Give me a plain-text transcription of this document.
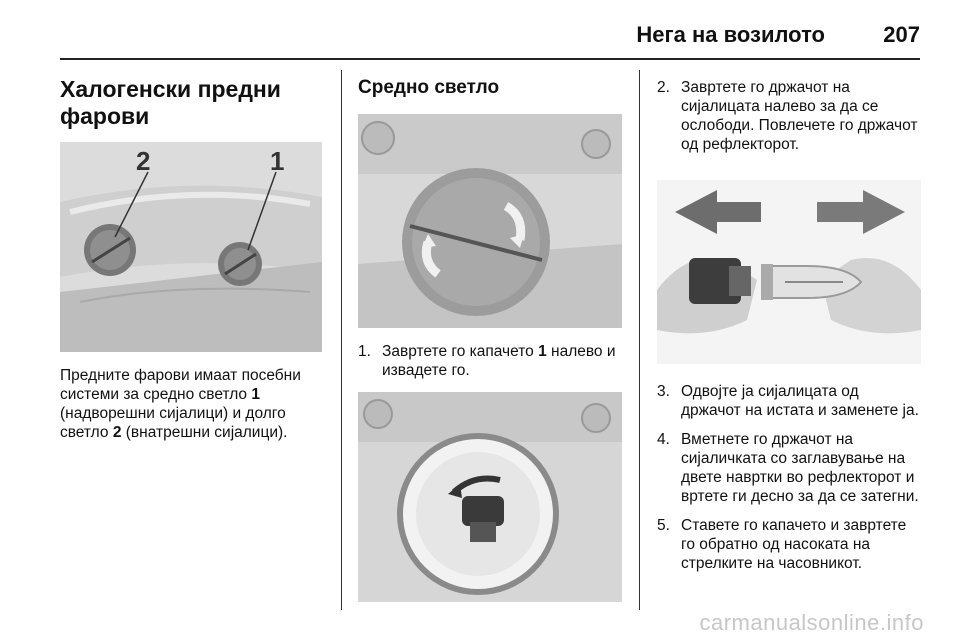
Нега на возилото	207
Халогенски предни
фарови
2	1

Предните фарови имаат посебни системи за средно светло 1 (надворешни сијалици) и долго светло 2 (внатрешни сијалици).

Средно светло
1. Завртете го капачето 1 налево и извадете го.
2. Завртете го држачот на сијалицата налево за да се ослободи. Повлечете го држачот од рефлекторот.
3. Одвојте ја сијалицата од држачот на истата и заменете ја.
4. Вметнете го држачот на сијаличката со заглавување на двете навртки во рефлекторот и вртете ги десно за да се затегни.
5. Ставете го капачето и завртете го обратно од насоката на стрелките на часовникот.
carmanualsonline.info
